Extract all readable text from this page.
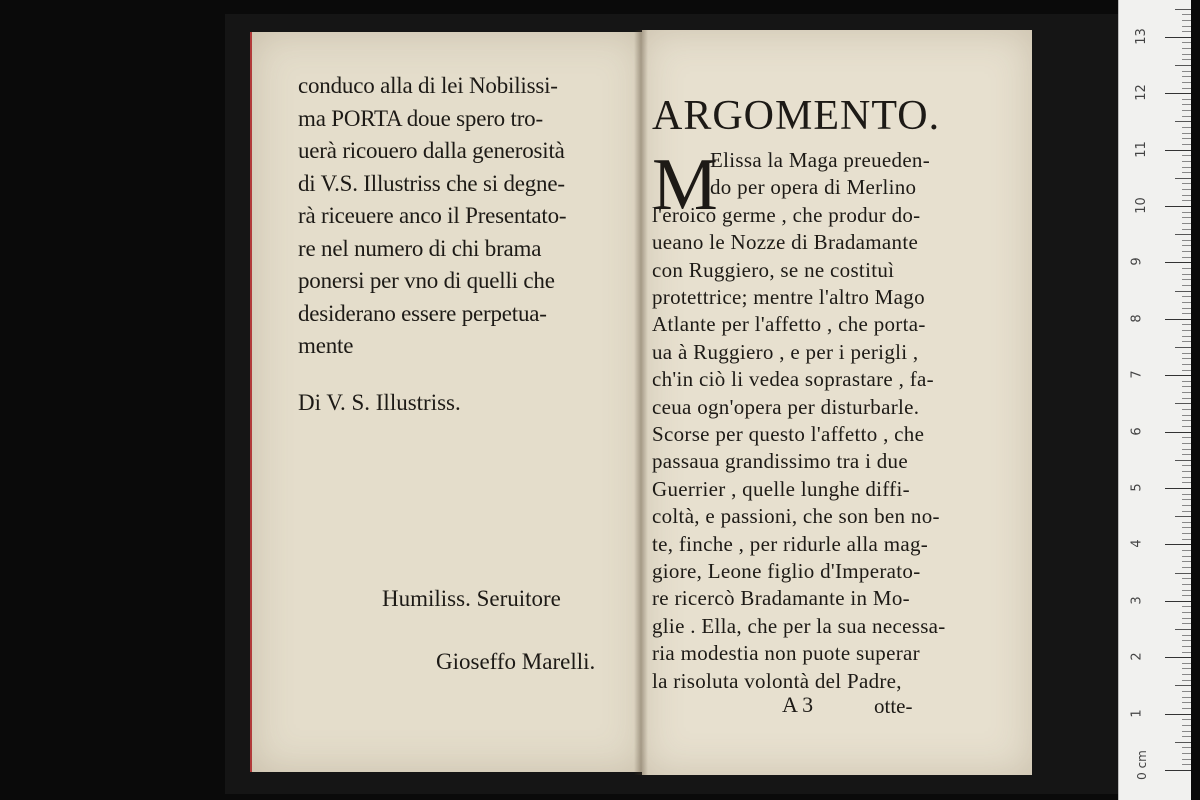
conduco alla di lei Nobilissi-
ma PORTA doue spero tro-
uerà ricouero dalla generosità
di V.S. Illustriss che si degne-
rà riceuere anco il Presentato-
re nel numero di chi brama
ponersi per vno di quelli che
desiderano essere perpetua-
mente
Di V. S. Illustriss.
Humiliss. Seruitore
Gioseffo Marelli.
ARGOMENTO.
M
Elissa la Maga preueden-
do per opera di Merlino
l'eroico germe , che produr do-
ueano le Nozze di Bradamante
con Ruggiero, se ne costituì
protettrice; mentre l'altro Mago
Atlante per l'affetto , che porta-
ua à Ruggiero , e per i perigli ,
ch'in ciò li vedea soprastare , fa-
ceua ogn'opera per disturbarle.
Scorse per questo l'affetto , che
passaua grandissimo tra i due
Guerrier , quelle lunghe diffi-
coltà, e passioni, che son ben no-
te, finche , per ridurle alla mag-
giore, Leone figlio d'Imperato-
re ricercò Bradamante in Mo-
glie . Ella, che per la sua necessa-
ria modestia non puote superar
la risoluta volontà del Padre,
A 3	otte-
0 cm
1
2
3
4
5
6
7
8
9
10
11
12
13
